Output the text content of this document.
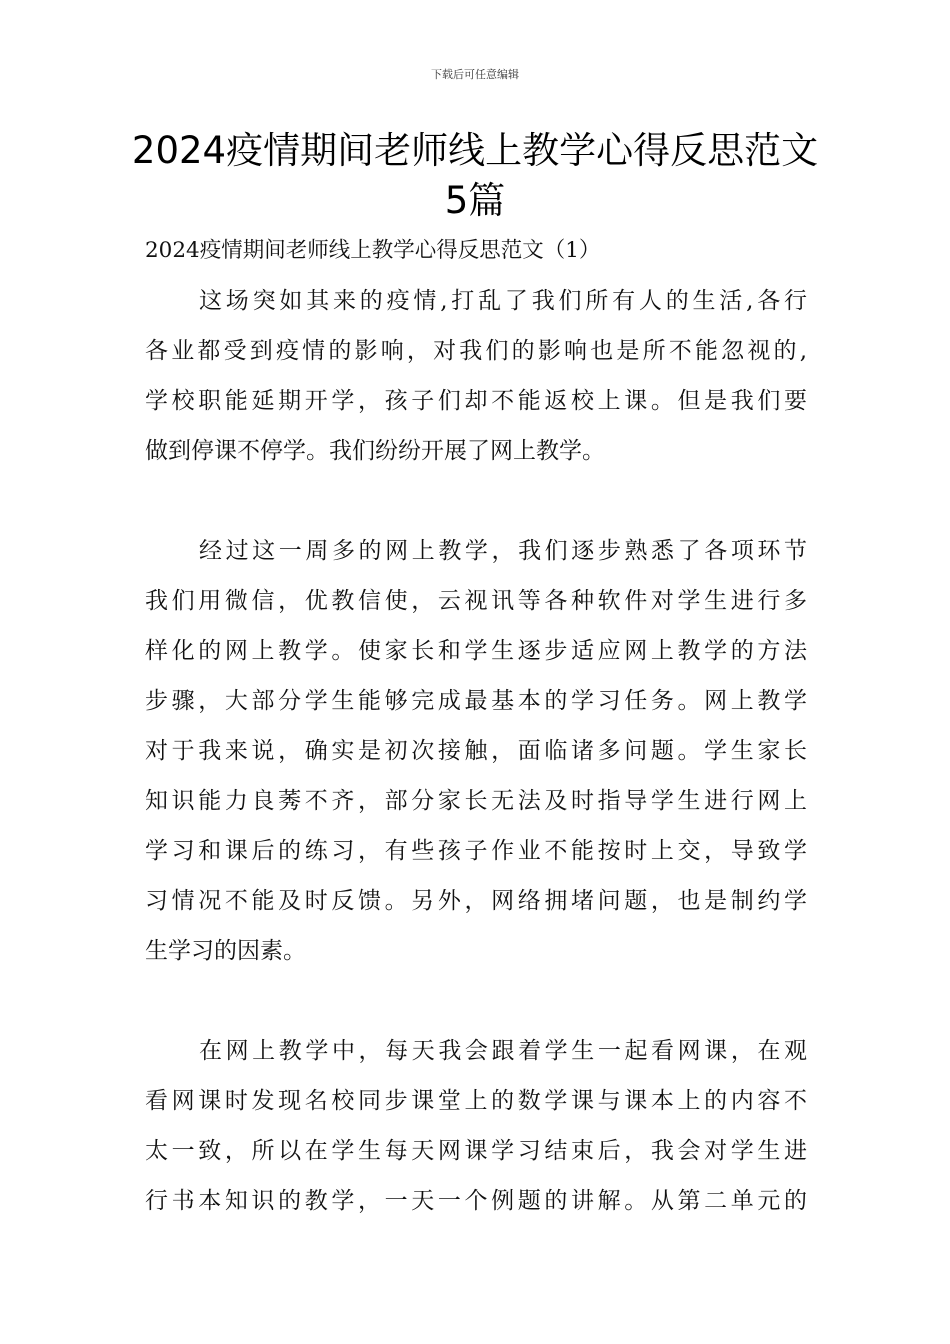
下载后可任意编辑
2024疫情期间老师线上教学心得反思范文
5篇

2024疫情期间老师线上教学心得反思范文（1）

这场突如其来的疫情,打乱了我们所有人的生活,各行
各业都受到疫情的影响，对我们的影响也是所不能忽视的,
学校职能延期开学，孩子们却不能返校上课。但是我们要
做到停课不停学。我们纷纷开展了网上教学。

经过这一周多的网上教学，我们逐步熟悉了各项环节
我们用微信，优教信使，云视讯等各种软件对学生进行多
样化的网上教学。使家长和学生逐步适应网上教学的方法
步骤，大部分学生能够完成最基本的学习任务。网上教学
对于我来说，确实是初次接触，面临诸多问题。学生家长
知识能力良莠不齐，部分家长无法及时指导学生进行网上
学习和课后的练习，有些孩子作业不能按时上交，导致学
习情况不能及时反馈。另外，网络拥堵问题，也是制约学
生学习的因素。

在网上教学中，每天我会跟着学生一起看网课，在观
看网课时发现名校同步课堂上的数学课与课本上的内容不
太一致，所以在学生每天网课学习结束后，我会对学生进
行书本知识的教学，一天一个例题的讲解。从第二单元的
